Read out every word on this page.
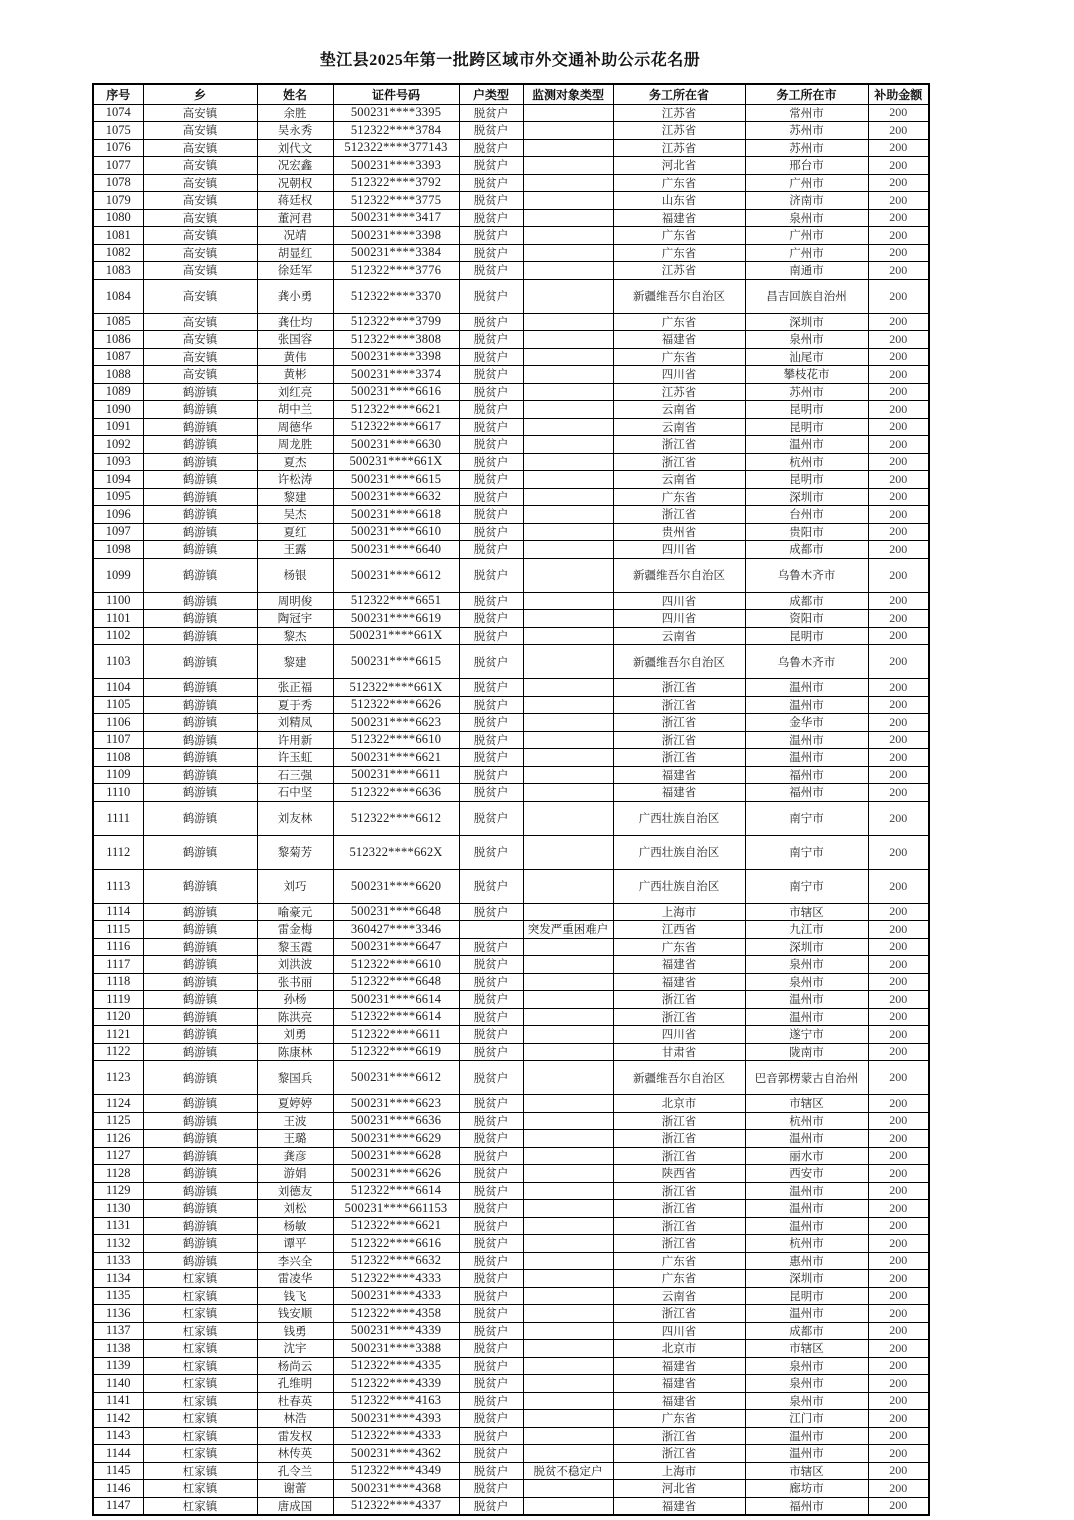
垫江县2025年第一批跨区域市外交通补助公示花名册
序号	乡	姓名	证件号码	户类型	监测对象类型	务工所在省	务工所在市	补助金额
1074	高安镇	余胜	500231****3395	脱贫户		江苏省	常州市	200
1075	高安镇	吴永秀	512322****3784	脱贫户		江苏省	苏州市	200
1076	高安镇	刘代文	512322****377143	脱贫户		江苏省	苏州市	200
1077	高安镇	况宏鑫	500231****3393	脱贫户		河北省	邢台市	200
1078	高安镇	况朝权	512322****3792	脱贫户		广东省	广州市	200
1079	高安镇	蒋廷权	512322****3775	脱贫户		山东省	济南市	200
1080	高安镇	董河君	500231****3417	脱贫户		福建省	泉州市	200
1081	高安镇	况靖	500231****3398	脱贫户		广东省	广州市	200
1082	高安镇	胡显红	500231****3384	脱贫户		广东省	广州市	200
1083	高安镇	徐廷军	512322****3776	脱贫户		江苏省	南通市	200
1084	高安镇	龚小勇	512322****3370	脱贫户		新疆维吾尔自治区	昌吉回族自治州	200
1085	高安镇	龚仕均	512322****3799	脱贫户		广东省	深圳市	200
1086	高安镇	张国容	512322****3808	脱贫户		福建省	泉州市	200
1087	高安镇	黄伟	500231****3398	脱贫户		广东省	汕尾市	200
1088	高安镇	黄彬	500231****3374	脱贫户		四川省	攀枝花市	200
1089	鹤游镇	刘红亮	500231****6616	脱贫户		江苏省	苏州市	200
1090	鹤游镇	胡中兰	512322****6621	脱贫户		云南省	昆明市	200
1091	鹤游镇	周德华	512322****6617	脱贫户		云南省	昆明市	200
1092	鹤游镇	周龙胜	500231****6630	脱贫户		浙江省	温州市	200
1093	鹤游镇	夏杰	500231****661X	脱贫户		浙江省	杭州市	200
1094	鹤游镇	许松涛	500231****6615	脱贫户		云南省	昆明市	200
1095	鹤游镇	黎建	500231****6632	脱贫户		广东省	深圳市	200
1096	鹤游镇	吴杰	500231****6618	脱贫户		浙江省	台州市	200
1097	鹤游镇	夏红	500231****6610	脱贫户		贵州省	贵阳市	200
1098	鹤游镇	王露	500231****6640	脱贫户		四川省	成都市	200
1099	鹤游镇	杨银	500231****6612	脱贫户		新疆维吾尔自治区	乌鲁木齐市	200
1100	鹤游镇	周明俊	512322****6651	脱贫户		四川省	成都市	200
1101	鹤游镇	陶冠宇	500231****6619	脱贫户		四川省	资阳市	200
1102	鹤游镇	黎杰	500231****661X	脱贫户		云南省	昆明市	200
1103	鹤游镇	黎建	500231****6615	脱贫户		新疆维吾尔自治区	乌鲁木齐市	200
1104	鹤游镇	张正福	512322****661X	脱贫户		浙江省	温州市	200
1105	鹤游镇	夏于秀	512322****6626	脱贫户		浙江省	温州市	200
1106	鹤游镇	刘精凤	500231****6623	脱贫户		浙江省	金华市	200
1107	鹤游镇	许用新	512322****6610	脱贫户		浙江省	温州市	200
1108	鹤游镇	许玉虹	500231****6621	脱贫户		浙江省	温州市	200
1109	鹤游镇	石三强	500231****6611	脱贫户		福建省	福州市	200
1110	鹤游镇	石中坚	512322****6636	脱贫户		福建省	福州市	200
1111	鹤游镇	刘友林	512322****6612	脱贫户		广西壮族自治区	南宁市	200
1112	鹤游镇	黎菊芳	512322****662X	脱贫户		广西壮族自治区	南宁市	200
1113	鹤游镇	刘巧	500231****6620	脱贫户		广西壮族自治区	南宁市	200
1114	鹤游镇	喻豪元	500231****6648	脱贫户		上海市	市辖区	200
1115	鹤游镇	雷金梅	360427****3346		突发严重困难户	江西省	九江市	200
1116	鹤游镇	黎玉霞	500231****6647	脱贫户		广东省	深圳市	200
1117	鹤游镇	刘洪波	512322****6610	脱贫户		福建省	泉州市	200
1118	鹤游镇	张书丽	512322****6648	脱贫户		福建省	泉州市	200
1119	鹤游镇	孙杨	500231****6614	脱贫户		浙江省	温州市	200
1120	鹤游镇	陈洪亮	512322****6614	脱贫户		浙江省	温州市	200
1121	鹤游镇	刘勇	512322****6611	脱贫户		四川省	遂宁市	200
1122	鹤游镇	陈康林	512322****6619	脱贫户		甘肃省	陇南市	200
1123	鹤游镇	黎国兵	500231****6612	脱贫户		新疆维吾尔自治区	巴音郭楞蒙古自治州	200
1124	鹤游镇	夏婷婷	500231****6623	脱贫户		北京市	市辖区	200
1125	鹤游镇	王波	500231****6636	脱贫户		浙江省	杭州市	200
1126	鹤游镇	王璐	500231****6629	脱贫户		浙江省	温州市	200
1127	鹤游镇	龚彦	500231****6628	脱贫户		浙江省	丽水市	200
1128	鹤游镇	游娟	500231****6626	脱贫户		陕西省	西安市	200
1129	鹤游镇	刘德友	512322****6614	脱贫户		浙江省	温州市	200
1130	鹤游镇	刘松	500231****661153	脱贫户		浙江省	温州市	200
1131	鹤游镇	杨敏	512322****6621	脱贫户		浙江省	温州市	200
1132	鹤游镇	谭平	512322****6616	脱贫户		浙江省	杭州市	200
1133	鹤游镇	李兴全	512322****6632	脱贫户		广东省	惠州市	200
1134	杠家镇	雷凌华	512322****4333	脱贫户		广东省	深圳市	200
1135	杠家镇	钱飞	500231****4333	脱贫户		云南省	昆明市	200
1136	杠家镇	钱安顺	512322****4358	脱贫户		浙江省	温州市	200
1137	杠家镇	钱勇	500231****4339	脱贫户		四川省	成都市	200
1138	杠家镇	沈宇	500231****3388	脱贫户		北京市	市辖区	200
1139	杠家镇	杨尚云	512322****4335	脱贫户		福建省	泉州市	200
1140	杠家镇	孔维明	512322****4339	脱贫户		福建省	泉州市	200
1141	杠家镇	杜春英	512322****4163	脱贫户		福建省	泉州市	200
1142	杠家镇	林浩	500231****4393	脱贫户		广东省	江门市	200
1143	杠家镇	雷发权	512322****4333	脱贫户		浙江省	温州市	200
1144	杠家镇	林传英	500231****4362	脱贫户		浙江省	温州市	200
1145	杠家镇	孔令兰	512322****4349	脱贫户	脱贫不稳定户	上海市	市辖区	200
1146	杠家镇	谢蕾	500231****4368	脱贫户		河北省	廊坊市	200
1147	杠家镇	唐成国	512322****4337	脱贫户		福建省	福州市	200
